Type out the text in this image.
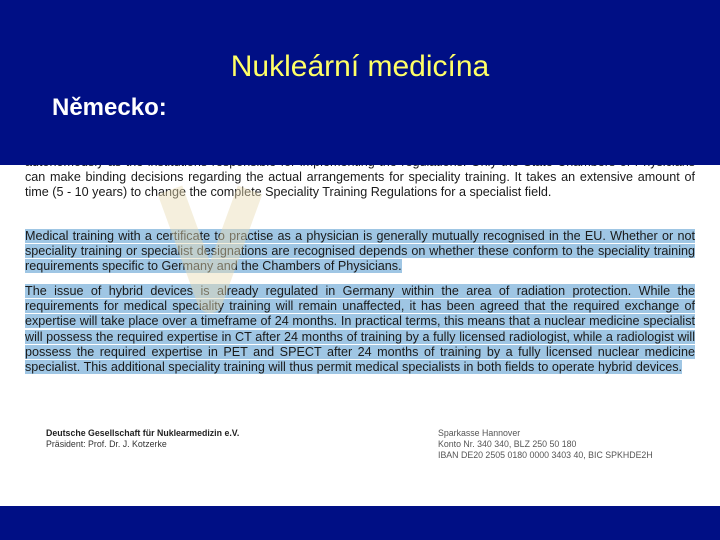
can make binding decisions regarding the actual arrangements for speciality training. It takes an extensive amount of time (5 - 10 years) to change the complete Speciality Training Regulations for a specialist field.

Medical training with a certificate to practise as a physician is generally mutually recognised in the EU. Whether or not speciality training or specialist designations are recognised depends on whether these conform to the speciality training requirements specific to Germany and the Chambers of Physicians.

The issue of hybrid devices is already regulated in Germany within the area of radiation protection. While the requirements for medical speciality training will remain unaffected, it has been agreed that the required exchange of expertise will take place over a timeframe of 24 months. In practical terms, this means that a nuclear medicine specialist will possess the required expertise in CT after 24 months of training by a fully licensed radiologist, while a radiologist will possess the required expertise in PET and SPECT after 24 months of training by a fully licensed nuclear medicine specialist. This additional speciality training will thus permit medical specialists in both fields to operate hybrid devices.

Deutsche Gesellschaft für Nuklearmedizin e.V.
Präsident: Prof. Dr. J. Kotzerke
Sparkasse Hannover
Konto Nr. 340 340, BLZ 250 50 180
IBAN DE20 2505 0180 0000 3403 40, BIC SPKHDE2H
Nukleární medicína
Německo:
